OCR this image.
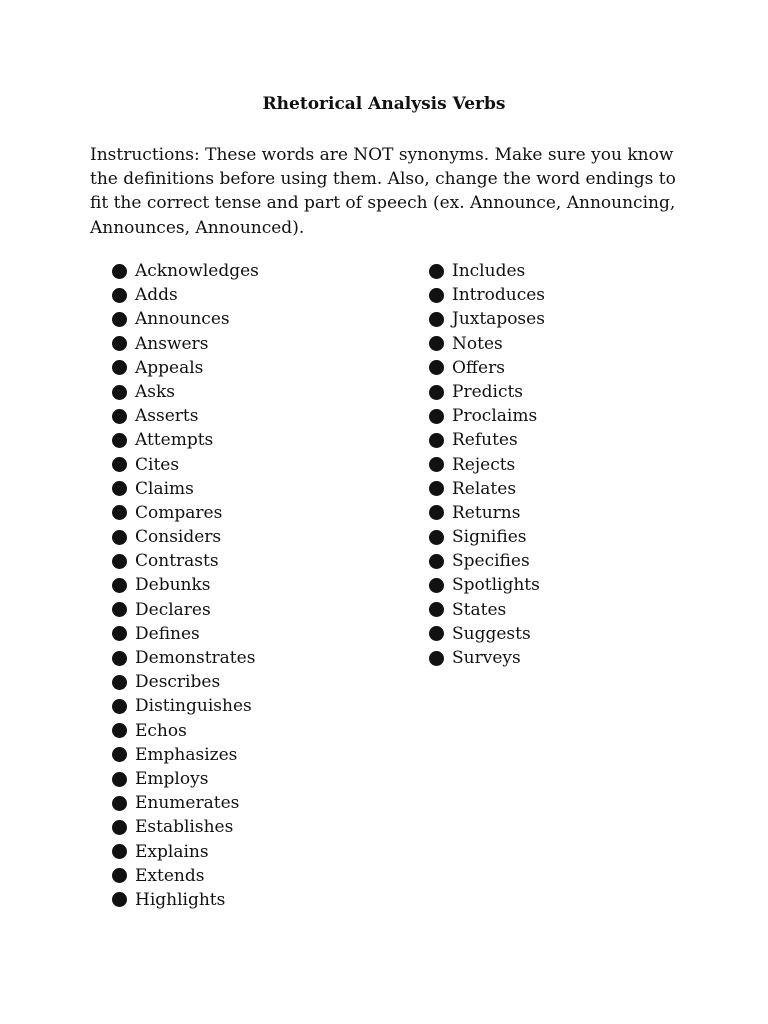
Rhetorical Analysis Verbs

Instructions: These words are NOT synonyms. Make sure you know the definitions before using them. Also, change the word endings to fit the correct tense and part of speech (ex. Announce, Announcing, Announces, Announced).

Acknowledges
Adds
Announces
Answers
Appeals
Asks
Asserts
Attempts
Cites
Claims
Compares
Considers
Contrasts
Debunks
Declares
Defines
Demonstrates
Describes
Distinguishes
Echos
Emphasizes
Employs
Enumerates
Establishes
Explains
Extends
Highlights
Includes
Introduces
Juxtaposes
Notes
Offers
Predicts
Proclaims
Refutes
Rejects
Relates
Returns
Signifies
Specifies
Spotlights
States
Suggests
Surveys
